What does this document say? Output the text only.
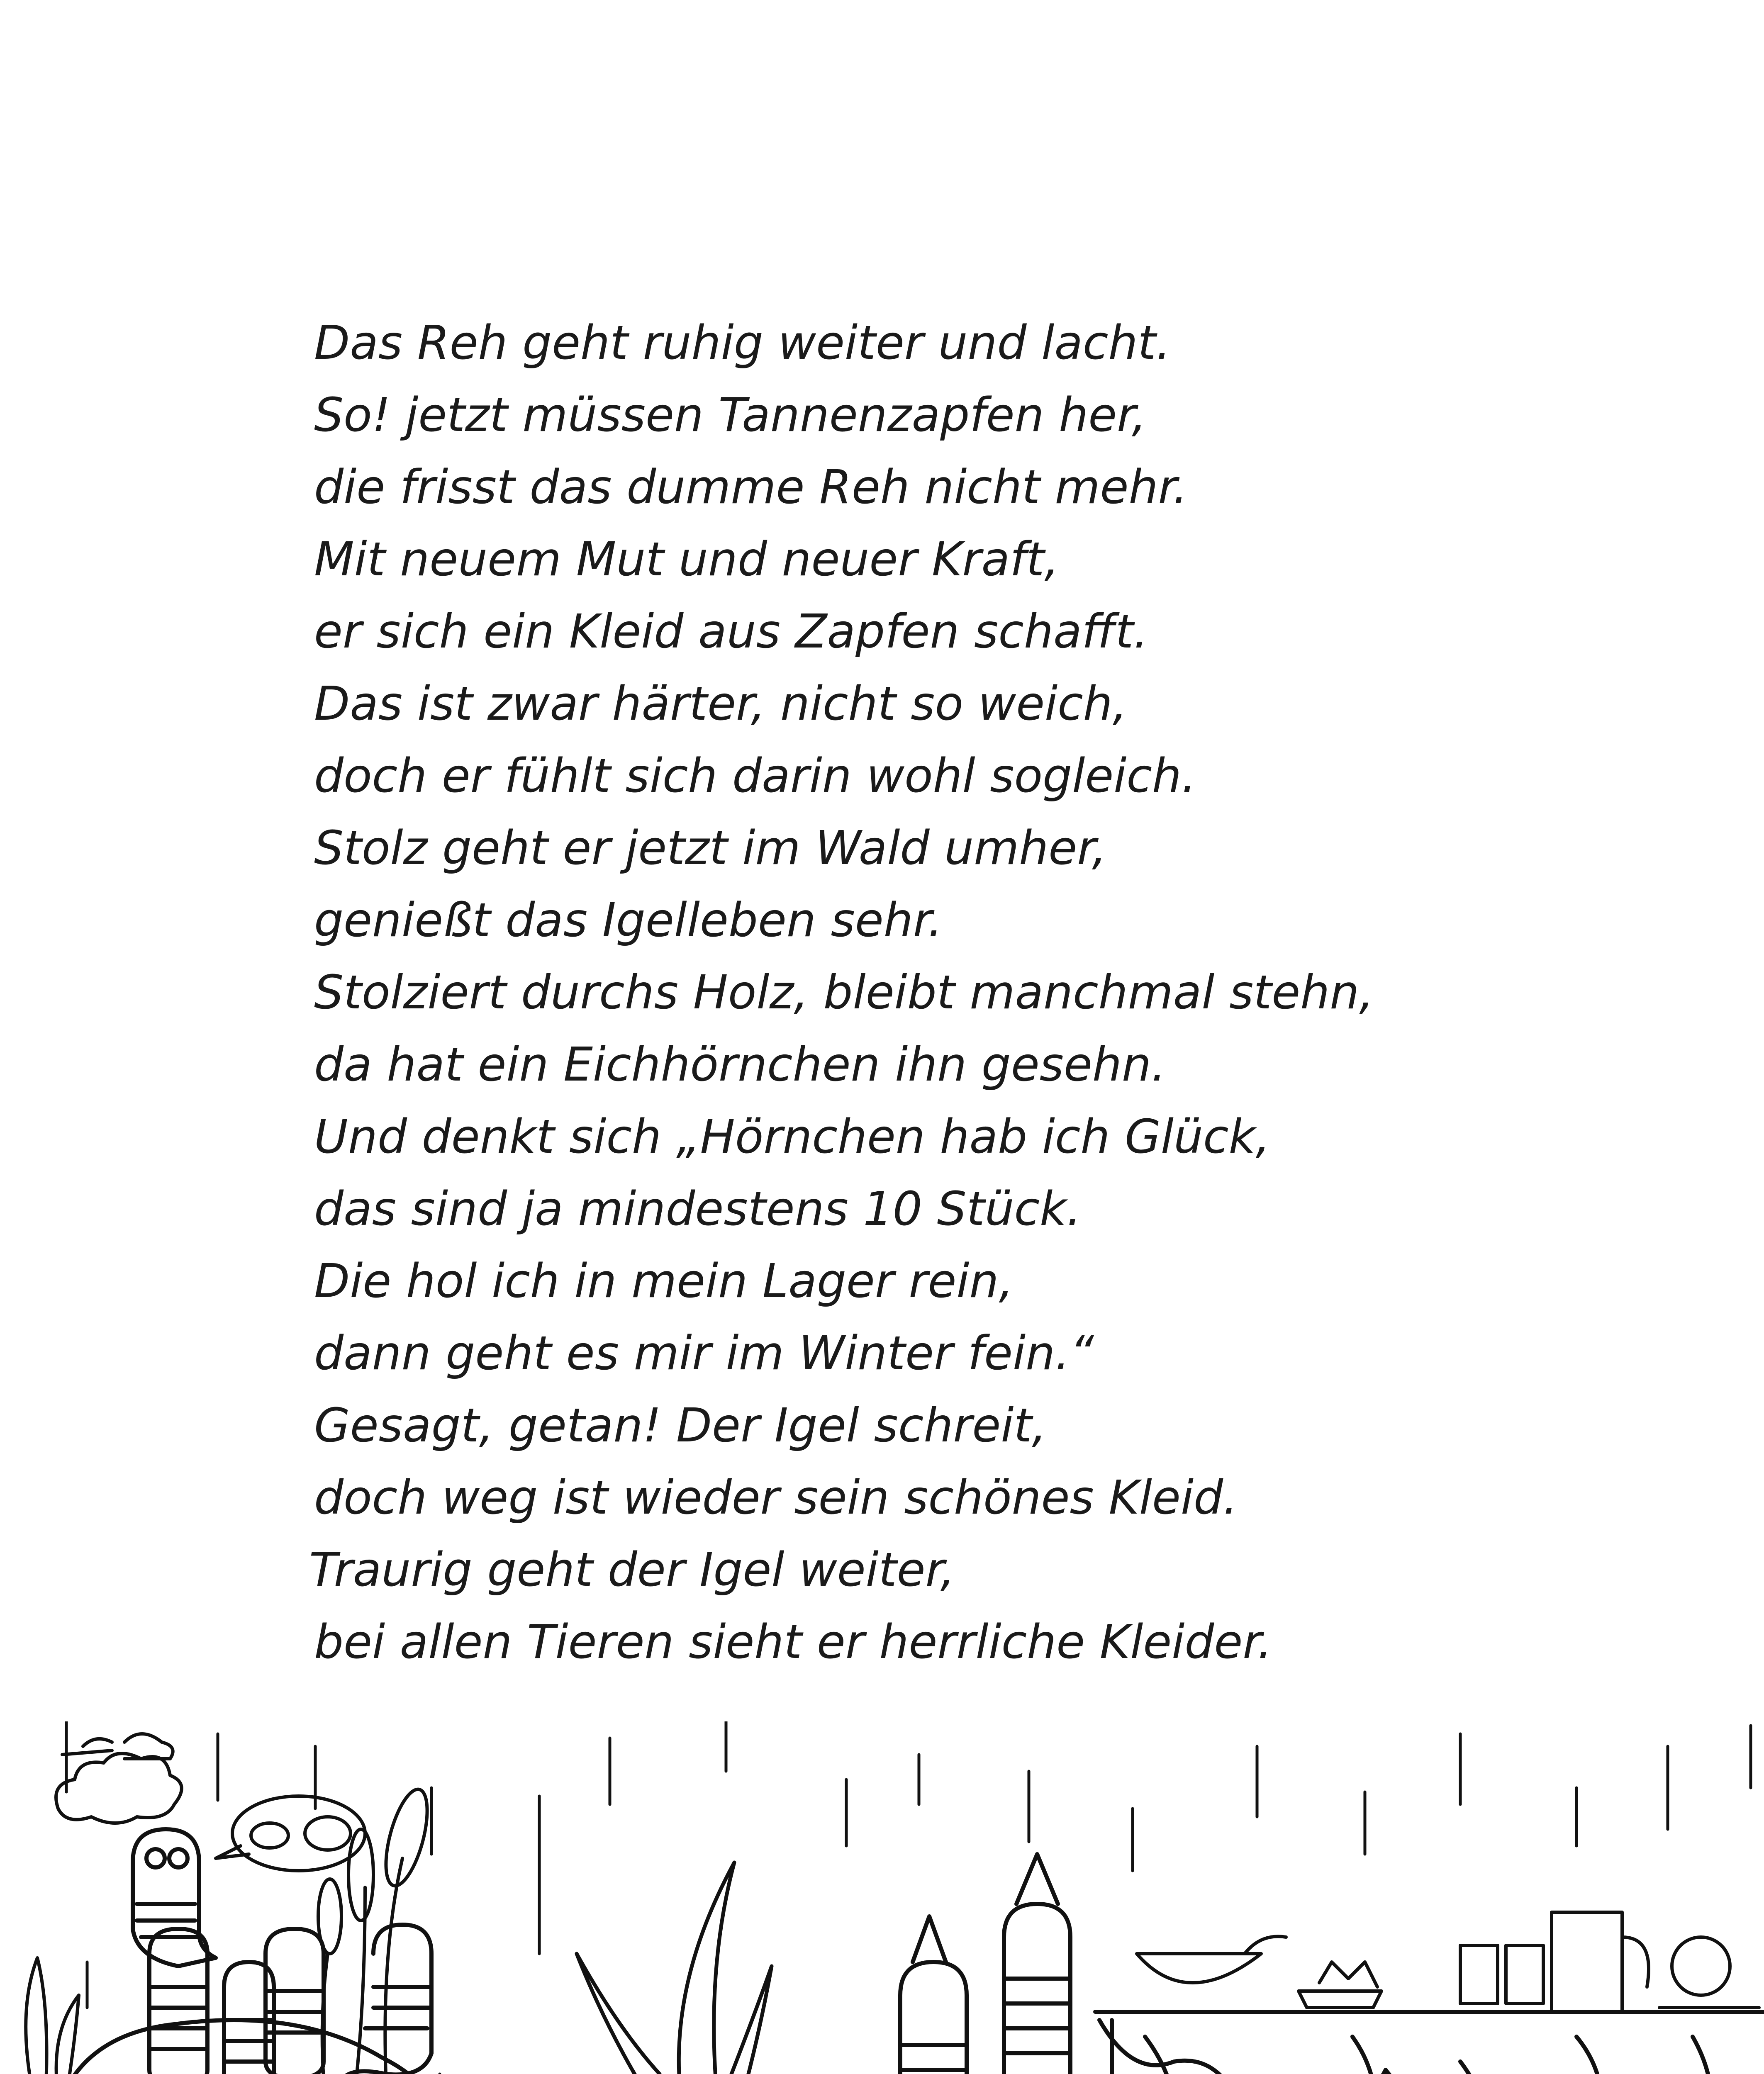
Das Reh geht ruhig weiter und lacht.
So! jetzt müssen Tannenzapfen her,
die frisst das dumme Reh nicht mehr.
Mit neuem Mut und neuer Kraft,
er sich ein Kleid aus Zapfen schafft.
Das ist zwar härter, nicht so weich,
doch er fühlt sich darin wohl sogleich.
Stolz geht er jetzt im Wald umher,
genießt das Igelleben sehr.
Stolziert durchs Holz, bleibt manchmal stehn,
da hat ein Eichhörnchen ihn gesehn.
Und denkt sich „Hörnchen hab ich Glück,
das sind ja mindestens 10 Stück.
Die hol ich in mein Lager rein,
dann geht es mir im Winter fein.“
Gesagt, getan! Der Igel schreit,
doch weg ist wieder sein schönes Kleid.
Traurig geht der Igel weiter,
bei allen Tieren sieht er herrliche Kleider.
